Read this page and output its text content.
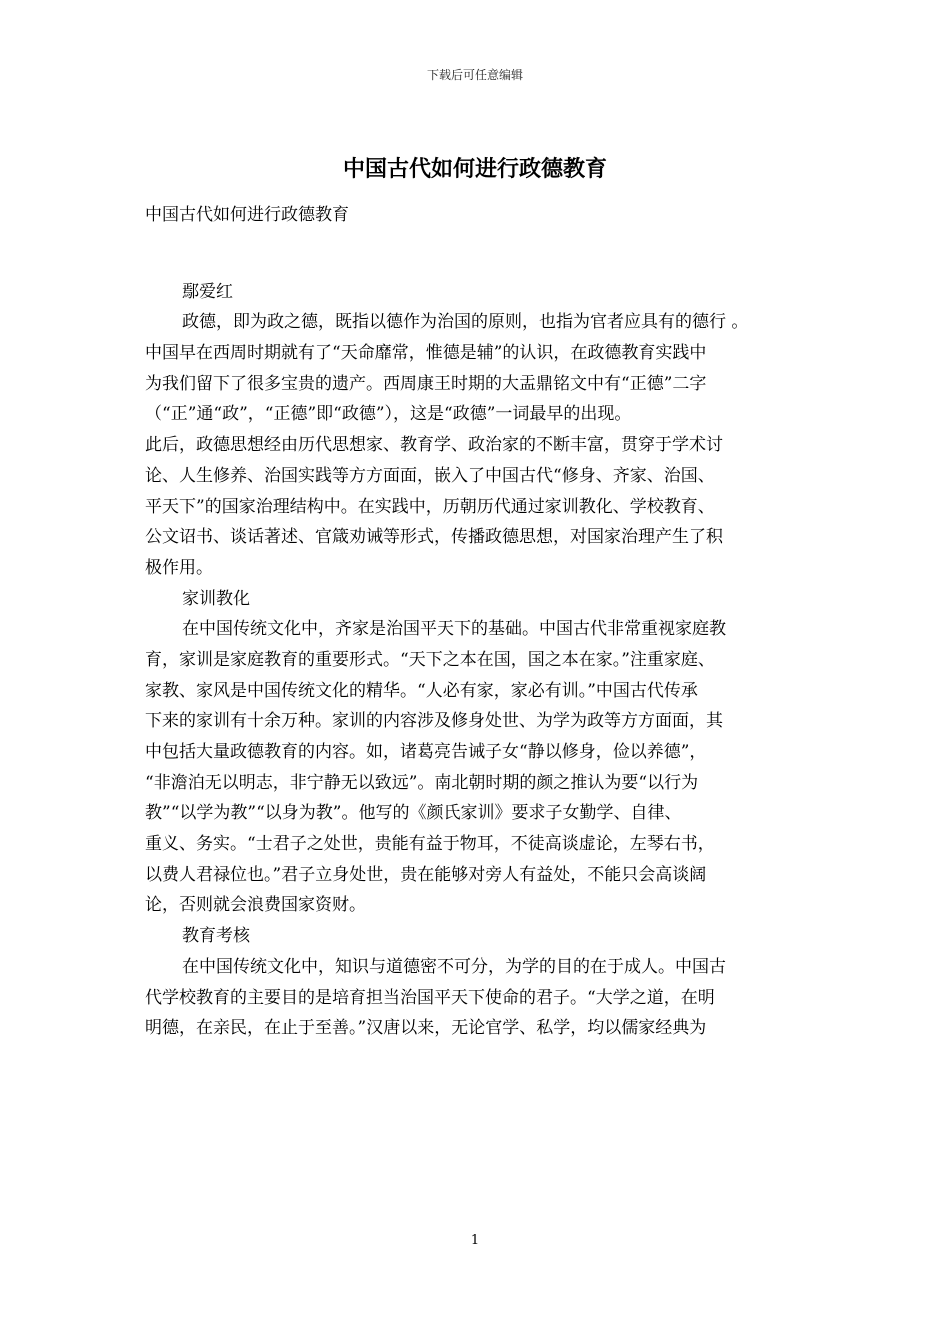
下载后可任意编辑
中国古代如何进行政德教育
中国古代如何进行政德教育
鄢爱红
政德，即为政之德，既指以德作为治国的原则，也指为官者应具有的德行 。
中国早在西周时期就有了“天命靡常，惟德是辅”的认识，在政德教育实践中
为我们留下了很多宝贵的遗产。西周康王时期的大盂鼎铭文中有“正德”二字
（“正”通“政”，“正德”即“政德”），这是“政德”一词最早的出现。
此后，政德思想经由历代思想家、教育学、政治家的不断丰富，贯穿于学术讨
论、人生修养、治国实践等方方面面，嵌入了中国古代“修身、齐家、治国、
平天下”的国家治理结构中。在实践中，历朝历代通过家训教化、学校教育、
公文诏书、谈话著述、官箴劝诫等形式，传播政德思想，对国家治理产生了积
极作用。
家训教化
在中国传统文化中，齐家是治国平天下的基础。中国古代非常重视家庭教
育，家训是家庭教育的重要形式。“天下之本在国，国之本在家。”注重家庭、
家教、家风是中国传统文化的精华。“人必有家，家必有训。”中国古代传承
下来的家训有十余万种。家训的内容涉及修身处世、为学为政等方方面面，其
中包括大量政德教育的内容。如，诸葛亮告诫子女“静以修身，俭以养德”，
“非澹泊无以明志，非宁静无以致远”。南北朝时期的颜之推认为要“以行为
教”“以学为教”“以身为教”。他写的《颜氏家训》要求子女勤学、自律、
重义、务实。“士君子之处世，贵能有益于物耳，不徒高谈虚论，左琴右书，
以费人君禄位也。”君子立身处世，贵在能够对旁人有益处，不能只会高谈阔
论，否则就会浪费国家资财。
教育考核
在中国传统文化中，知识与道德密不可分，为学的目的在于成人。中国古
代学校教育的主要目的是培育担当治国平天下使命的君子。“大学之道，在明
明德，在亲民，在止于至善。”汉唐以来，无论官学、私学，均以儒家经典为
1
